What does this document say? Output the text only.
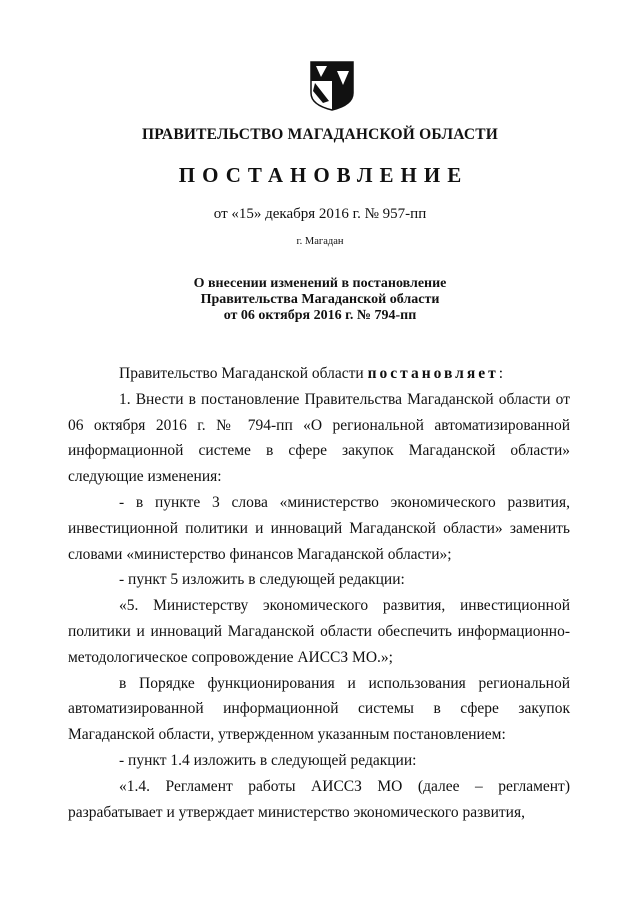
ПРАВИТЕЛЬСТВО МАГАДАНСКОЙ ОБЛАСТИ
ПОСТАНОВЛЕНИЕ
от «15» декабря 2016 г. № 957-пп
г. Магадан
О внесении изменений в постановление
Правительства Магаданской области
от 06 октября 2016 г. № 794-пп

Правительство Магаданской области постановляет:

1. Внести в постановление Правительства Магаданской области от 06 октября 2016 г. № 794-пп «О региональной автоматизированной информационной системе в сфере закупок Магаданской области» следующие изменения:

- в пункте 3 слова «министерство экономического развития, инвестиционной политики и инноваций Магаданской области» заменить словами «министерство финансов Магаданской области»;

- пункт 5 изложить в следующей редакции:

«5. Министерству экономического развития, инвестиционной политики и инноваций Магаданской области обеспечить информационно-методологическое сопровождение АИССЗ МО.»;

в Порядке функционирования и использования региональной автоматизированной информационной системы в сфере закупок Магаданской области, утвержденном указанным постановлением:

- пункт 1.4 изложить в следующей редакции:

«1.4. Регламент работы АИССЗ МО (далее – регламент) разрабатывает и утверждает министерство экономического развития,
